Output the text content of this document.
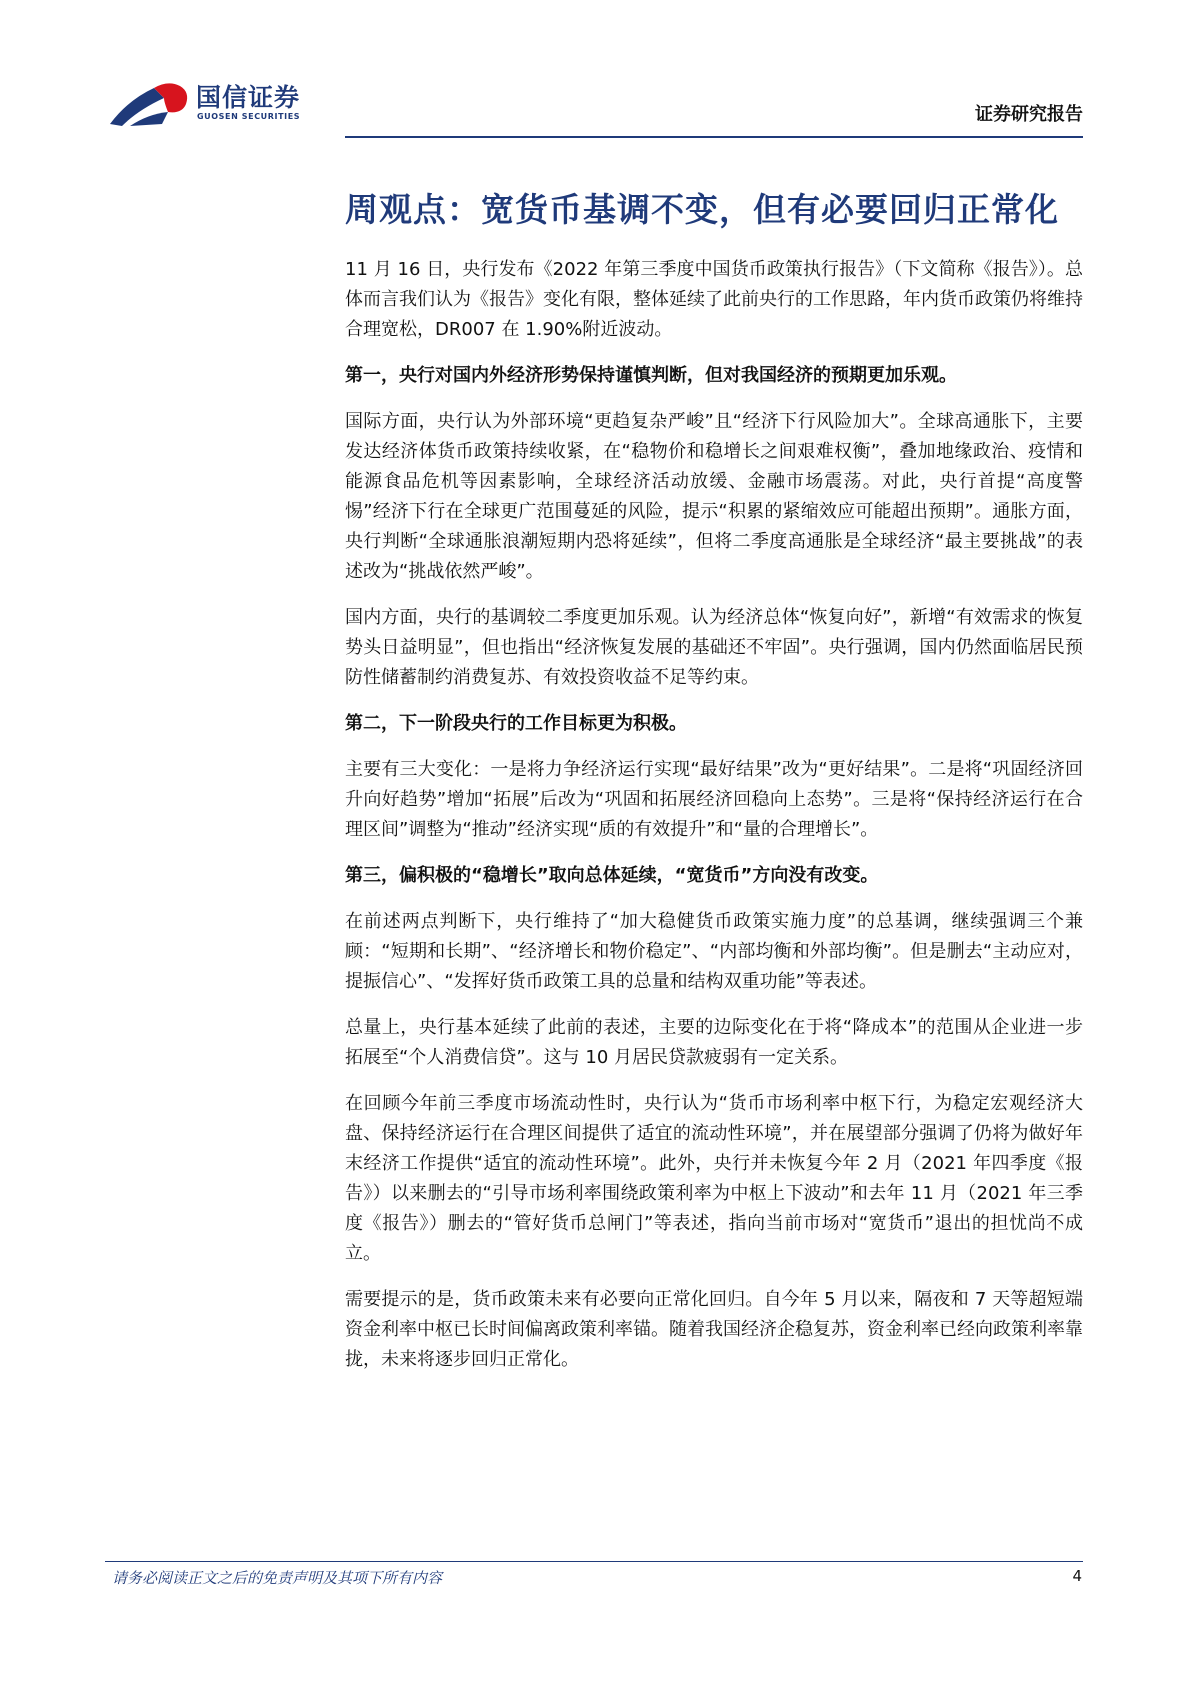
国信证券
GUOSEN SECURITIES	证券研究报告
周观点：宽货币基调不变，但有必要回归正常化

11 月 16 日，央行发布《2022 年第三季度中国货币政策执行报告》（下文简称《报告》）。总体而言我们认为《报告》变化有限，整体延续了此前央行的工作思路，年内货币政策仍将维持合理宽松，DR007 在 1.90%附近波动。

第一，央行对国内外经济形势保持谨慎判断，但对我国经济的预期更加乐观。

国际方面，央行认为外部环境“更趋复杂严峻”且“经济下行风险加大”。全球高通胀下，主要发达经济体货币政策持续收紧，在“稳物价和稳增长之间艰难权衡”，叠加地缘政治、疫情和能源食品危机等因素影响，全球经济活动放缓、金融市场震荡。对此，央行首提“高度警惕”经济下行在全球更广范围蔓延的风险，提示“积累的紧缩效应可能超出预期”。通胀方面，央行判断“全球通胀浪潮短期内恐将延续”，但将二季度高通胀是全球经济“最主要挑战”的表述改为“挑战依然严峻”。

国内方面，央行的基调较二季度更加乐观。认为经济总体“恢复向好”，新增“有效需求的恢复势头日益明显”，但也指出“经济恢复发展的基础还不牢固”。央行强调，国内仍然面临居民预防性储蓄制约消费复苏、有效投资收益不足等约束。

第二，下一阶段央行的工作目标更为积极。

主要有三大变化：一是将力争经济运行实现“最好结果”改为“更好结果”。二是将“巩固经济回升向好趋势”增加“拓展”后改为“巩固和拓展经济回稳向上态势”。三是将“保持经济运行在合理区间”调整为“推动”经济实现“质的有效提升”和“量的合理增长”。

第三，偏积极的“稳增长”取向总体延续，“宽货币”方向没有改变。

在前述两点判断下，央行维持了“加大稳健货币政策实施力度”的总基调，继续强调三个兼顾：“短期和长期”、“经济增长和物价稳定”、“内部均衡和外部均衡”。但是删去“主动应对，提振信心”、“发挥好货币政策工具的总量和结构双重功能”等表述。

总量上，央行基本延续了此前的表述，主要的边际变化在于将“降成本”的范围从企业进一步拓展至“个人消费信贷”。这与 10 月居民贷款疲弱有一定关系。

在回顾今年前三季度市场流动性时，央行认为“货币市场利率中枢下行，为稳定宏观经济大盘、保持经济运行在合理区间提供了适宜的流动性环境”，并在展望部分强调了仍将为做好年末经济工作提供“适宜的流动性环境”。此外，央行并未恢复今年 2 月（2021 年四季度《报告》）以来删去的“引导市场利率围绕政策利率为中枢上下波动”和去年 11 月（2021 年三季度《报告》）删去的“管好货币总闸门”等表述，指向当前市场对“宽货币”退出的担忧尚不成立。

需要提示的是，货币政策未来有必要向正常化回归。自今年 5 月以来，隔夜和 7 天等超短端资金利率中枢已长时间偏离政策利率锚。随着我国经济企稳复苏，资金利率已经向政策利率靠拢，未来将逐步回归正常化。

请务必阅读正文之后的免责声明及其项下所有内容	4
